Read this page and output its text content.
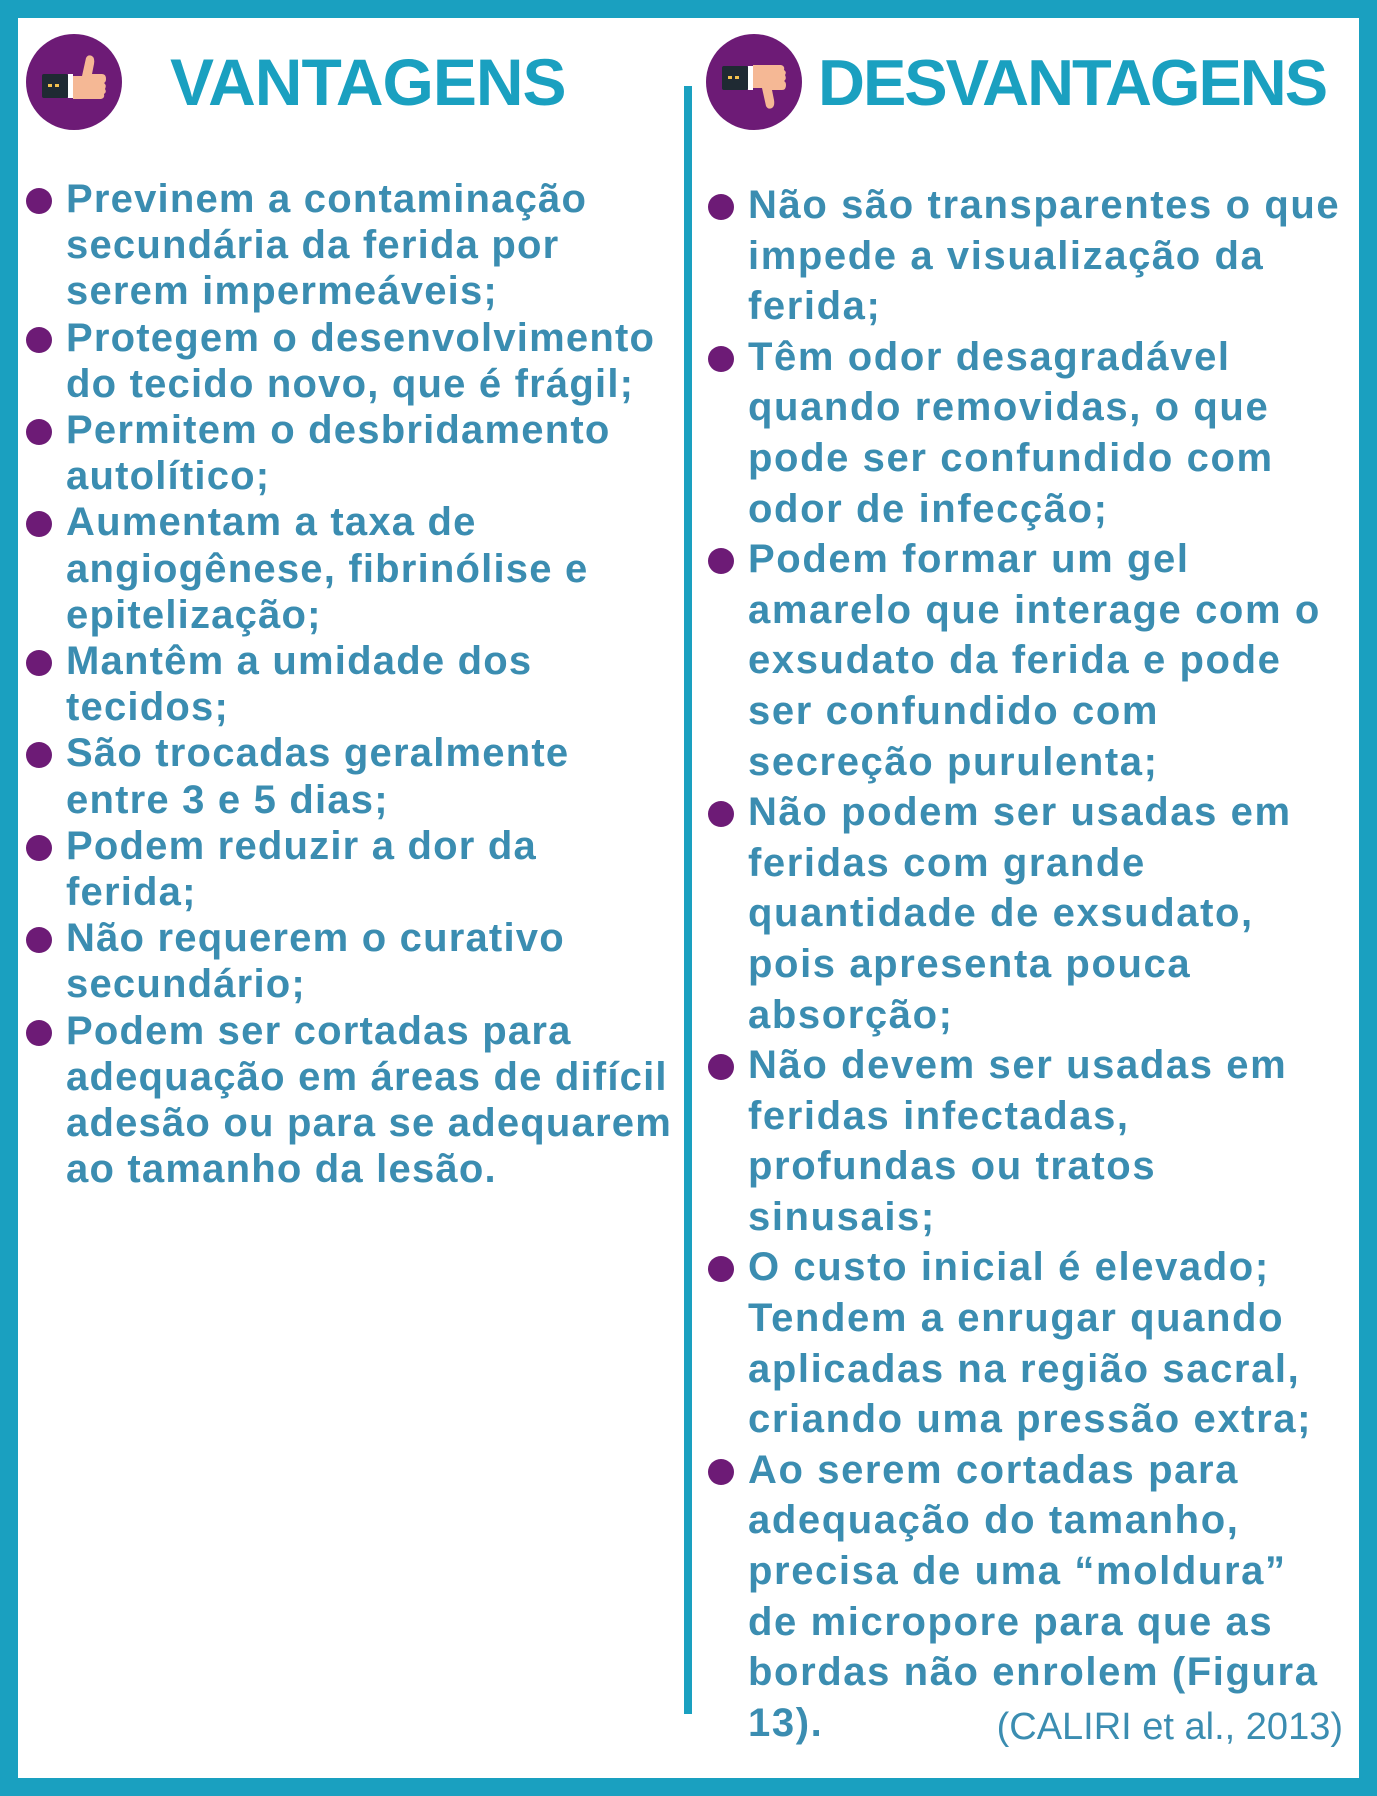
VANTAGENS
Previnem a contaminação secundária da ferida por serem impermeáveis;
Protegem o desenvolvimento do tecido novo, que é frágil;
Permitem o desbridamento autolítico;
Aumentam a taxa de angiogênese, fibrinólise e epitelização;
Mantêm a umidade dos tecidos;
São trocadas geralmente entre 3 e 5 dias;
Podem reduzir a dor da ferida;
Não requerem o curativo secundário;
Podem ser cortadas para adequação em áreas de difícil adesão ou para se adequarem ao tamanho da lesão.
DESVANTAGENS
Não são transparentes o que impede a visualização da ferida;
Têm odor desagradável quando removidas, o que pode ser confundido com odor de infecção;
Podem formar um gel amarelo que interage com o exsudato da ferida e pode ser confundido com secreção purulenta;
Não podem ser usadas em feridas com grande quantidade de exsudato, pois apresenta pouca absorção;
Não devem ser usadas em feridas infectadas, profundas ou tratos sinusais;
O custo inicial é elevado; Tendem a enrugar quando aplicadas na região sacral, criando uma pressão extra;
Ao serem cortadas para adequação do tamanho, precisa de uma “moldura” de micropore para que as bordas não enrolem (Figura 13).	(CALIRI et al., 2013)
